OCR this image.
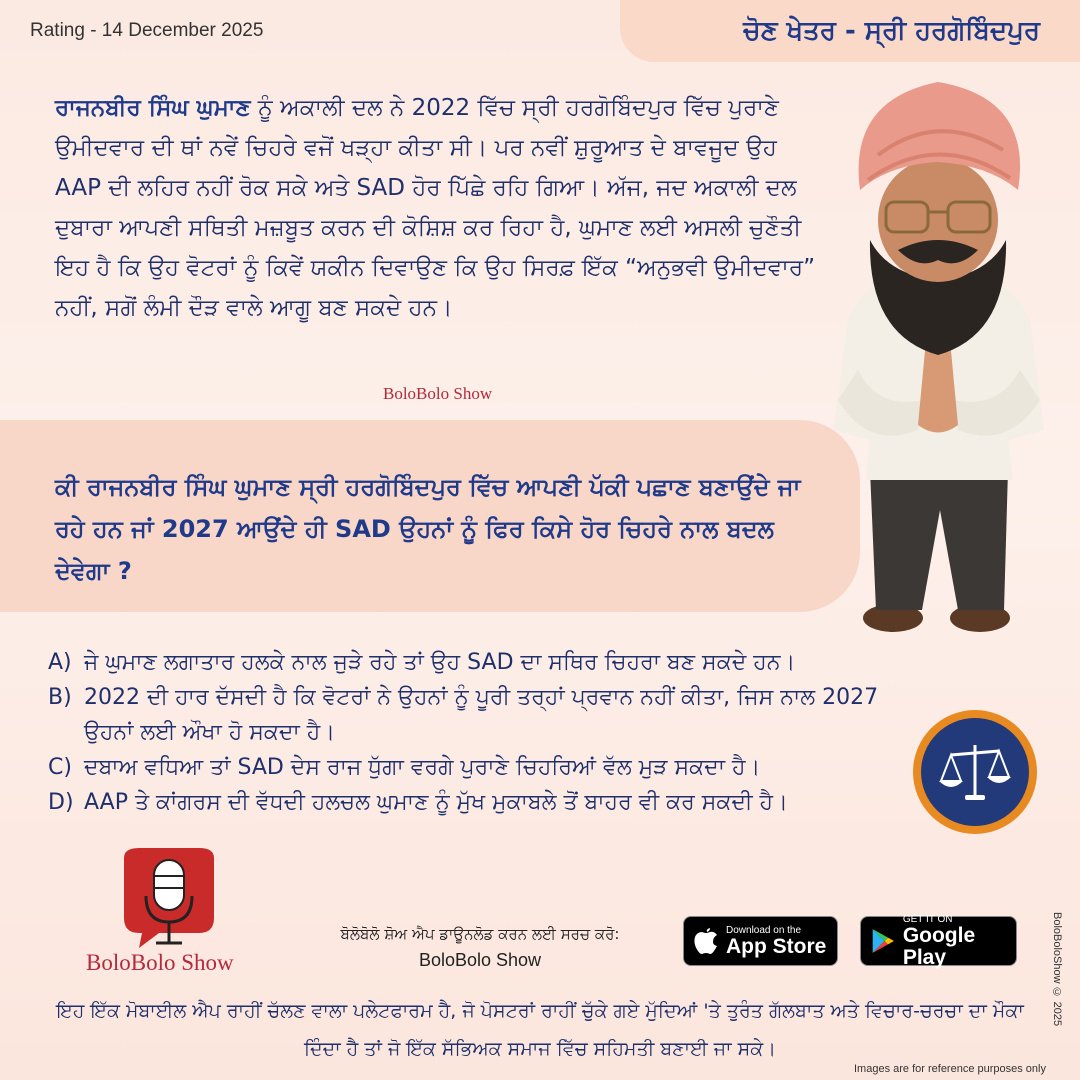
Rating - 14 December 2025	ਚੋਣ ਖੇਤਰ - ਸ੍ਰੀ ਹਰਗੋਬਿੰਦਪੁਰ
ਰਾਜਨਬੀਰ ਸਿੰਘ ਘੁਮਾਣ ਨੂੰ ਅਕਾਲੀ ਦਲ ਨੇ 2022 ਵਿੱਚ ਸ੍ਰੀ ਹਰਗੋਬਿੰਦਪੁਰ ਵਿੱਚ ਪੁਰਾਣੇ ਉਮੀਦਵਾਰ ਦੀ ਥਾਂ ਨਵੇਂ ਚਿਹਰੇ ਵਜੋਂ ਖੜ੍ਹਾ ਕੀਤਾ ਸੀ। ਪਰ ਨਵੀਂ ਸ਼ੁਰੂਆਤ ਦੇ ਬਾਵਜੂਦ ਉਹ AAP ਦੀ ਲਹਿਰ ਨਹੀਂ ਰੋਕ ਸਕੇ ਅਤੇ SAD ਹੋਰ ਪਿੱਛੇ ਰਹਿ ਗਿਆ। ਅੱਜ, ਜਦ ਅਕਾਲੀ ਦਲ ਦੁਬਾਰਾ ਆਪਣੀ ਸਥਿਤੀ ਮਜ਼ਬੂਤ ਕਰਨ ਦੀ ਕੋਸ਼ਿਸ਼ ਕਰ ਰਿਹਾ ਹੈ, ਘੁਮਾਣ ਲਈ ਅਸਲੀ ਚੁਣੌਤੀ ਇਹ ਹੈ ਕਿ ਉਹ ਵੋਟਰਾਂ ਨੂੰ ਕਿਵੇਂ ਯਕੀਨ ਦਿਵਾਉਣ ਕਿ ਉਹ ਸਿਰਫ਼ ਇੱਕ “ਅਨੁਭਵੀ ਉਮੀਦਵਾਰ” ਨਹੀਂ, ਸਗੋਂ ਲੰਮੀ ਦੌੜ ਵਾਲੇ ਆਗੂ ਬਣ ਸਕਦੇ ਹਨ।
BoloBolo Show
ਕੀ ਰਾਜਨਬੀਰ ਸਿੰਘ ਘੁਮਾਣ ਸ੍ਰੀ ਹਰਗੋਬਿੰਦਪੁਰ ਵਿੱਚ ਆਪਣੀ ਪੱਕੀ ਪਛਾਣ ਬਣਾਉਂਦੇ ਜਾ ਰਹੇ ਹਨ ਜਾਂ 2027 ਆਉਂਦੇ ਹੀ SAD ਉਹਨਾਂ ਨੂੰ ਫਿਰ ਕਿਸੇ ਹੋਰ ਚਿਹਰੇ ਨਾਲ ਬਦਲ ਦੇਵੇਗਾ ?
A) ਜੇ ਘੁਮਾਣ ਲਗਾਤਾਰ ਹਲਕੇ ਨਾਲ ਜੁੜੇ ਰਹੇ ਤਾਂ ਉਹ SAD ਦਾ ਸਥਿਰ ਚਿਹਰਾ ਬਣ ਸਕਦੇ ਹਨ।
B) 2022 ਦੀ ਹਾਰ ਦੱਸਦੀ ਹੈ ਕਿ ਵੋਟਰਾਂ ਨੇ ਉਹਨਾਂ ਨੂੰ ਪੂਰੀ ਤਰ੍ਹਾਂ ਪ੍ਰਵਾਨ ਨਹੀਂ ਕੀਤਾ, ਜਿਸ ਨਾਲ 2027 ਉਹਨਾਂ ਲਈ ਔਖਾ ਹੋ ਸਕਦਾ ਹੈ।
C) ਦਬਾਅ ਵਧਿਆ ਤਾਂ SAD ਦੇਸ ਰਾਜ ਧੁੱਗਾ ਵਰਗੇ ਪੁਰਾਣੇ ਚਿਹਰਿਆਂ ਵੱਲ ਮੁੜ ਸਕਦਾ ਹੈ।
D) AAP ਤੇ ਕਾਂਗਰਸ ਦੀ ਵੱਧਦੀ ਹਲਚਲ ਘੁਮਾਣ ਨੂੰ ਮੁੱਖ ਮੁਕਾਬਲੇ ਤੋਂ ਬਾਹਰ ਵੀ ਕਰ ਸਕਦੀ ਹੈ।
BoloBolo Show
ਬੋਲੋਬੋਲੋ ਸ਼ੋਅ ਐਪ ਡਾਊਨਲੋਡ ਕਰਨ ਲਈ ਸਰਚ ਕਰੋ:
BoloBolo Show
Download on the
App Store
GET IT ON
Google Play	BoloBoloShow © 2025
ਇਹ ਇੱਕ ਮੋਬਾਈਲ ਐਪ ਰਾਹੀਂ ਚੱਲਣ ਵਾਲਾ ਪਲੇਟਫਾਰਮ ਹੈ, ਜੋ ਪੋਸਟਰਾਂ ਰਾਹੀਂ ਚੁੱਕੇ ਗਏ ਮੁੱਦਿਆਂ 'ਤੇ ਤੁਰੰਤ ਗੱਲਬਾਤ ਅਤੇ ਵਿਚਾਰ-ਚਰਚਾ ਦਾ ਮੌਕਾ ਦਿੰਦਾ ਹੈ ਤਾਂ ਜੋ ਇੱਕ ਸੱਭਿਅਕ ਸਮਾਜ ਵਿੱਚ ਸਹਿਮਤੀ ਬਣਾਈ ਜਾ ਸਕੇ।
Images are for reference purposes only
